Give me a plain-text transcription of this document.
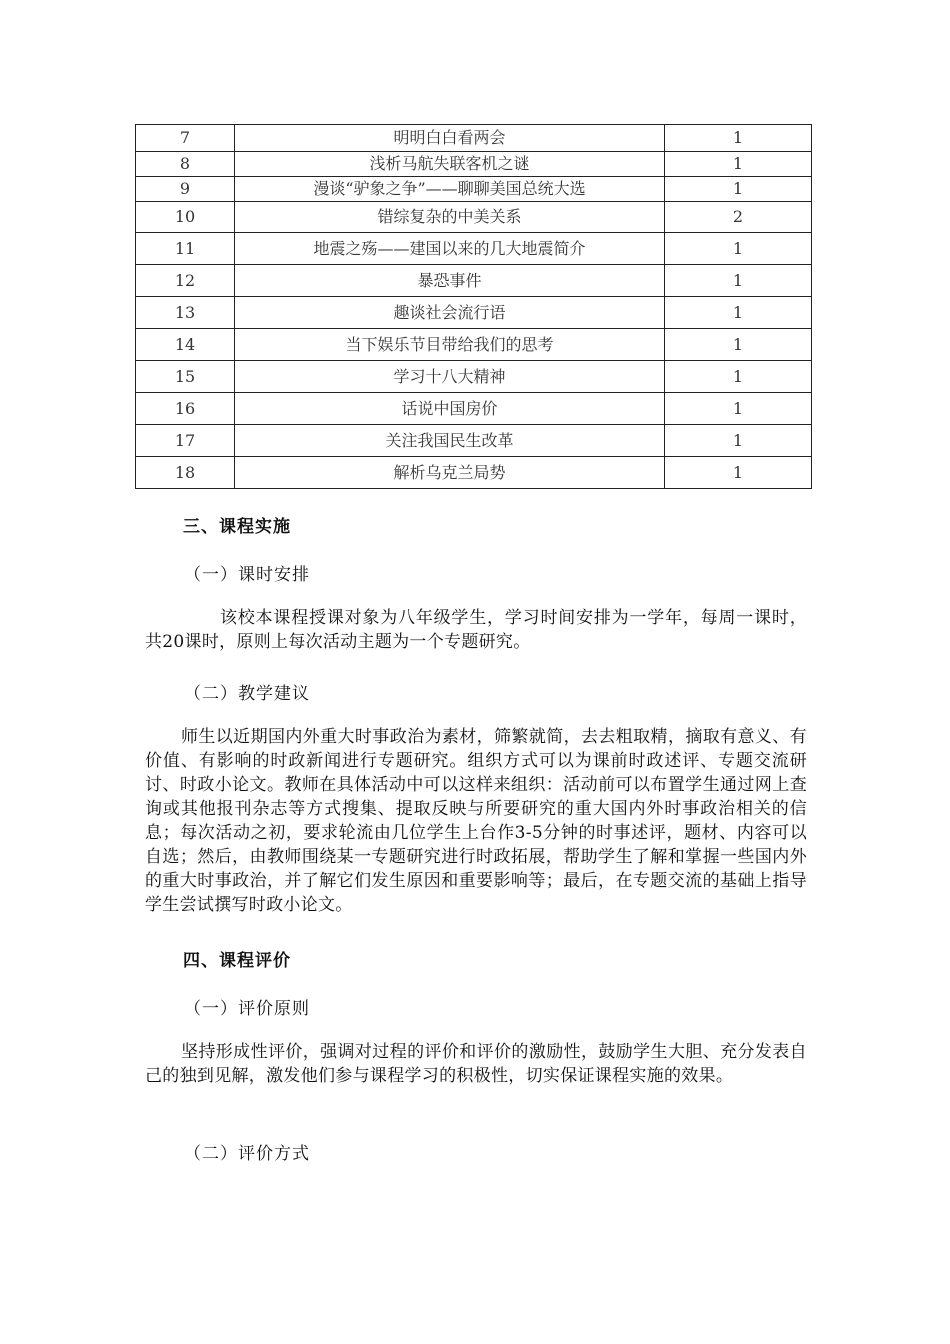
7	明明白白看两会	1
8	浅析马航失联客机之谜	1
9	漫谈“驴象之争”——聊聊美国总统大选	1
10	错综复杂的中美关系	2
11	地震之殇——建国以来的几大地震简介	1
12	暴恐事件	1
13	趣谈社会流行语	1
14	当下娱乐节目带给我们的思考	1
15	学习十八大精神	1
16	话说中国房价	1
17	关注我国民生改革	1
18	解析乌克兰局势	1
三、课程实施
（一）课时安排
该校本课程授课对象为八年级学生，学习时间安排为一学年，每周一课时，共20课时，原则上每次活动主题为一个专题研究。
（二）教学建议
师生以近期国内外重大时事政治为素材，筛繁就简，去去粗取精，摘取有意义、有价值、有影响的时政新闻进行专题研究。组织方式可以为课前时政述评、专题交流研讨、时政小论文。教师在具体活动中可以这样来组织：活动前可以布置学生通过网上查询或其他报刊杂志等方式搜集、提取反映与所要研究的重大国内外时事政治相关的信息；每次活动之初，要求轮流由几位学生上台作3-5分钟的时事述评，题材、内容可以自选；然后，由教师围绕某一专题研究进行时政拓展，帮助学生了解和掌握一些国内外的重大时事政治，并了解它们发生原因和重要影响等；最后，在专题交流的基础上指导学生尝试撰写时政小论文。
四、课程评价
（一）评价原则
坚持形成性评价，强调对过程的评价和评价的激励性，鼓励学生大胆、充分发表自己的独到见解，激发他们参与课程学习的积极性，切实保证课程实施的效果。
（二）评价方式
